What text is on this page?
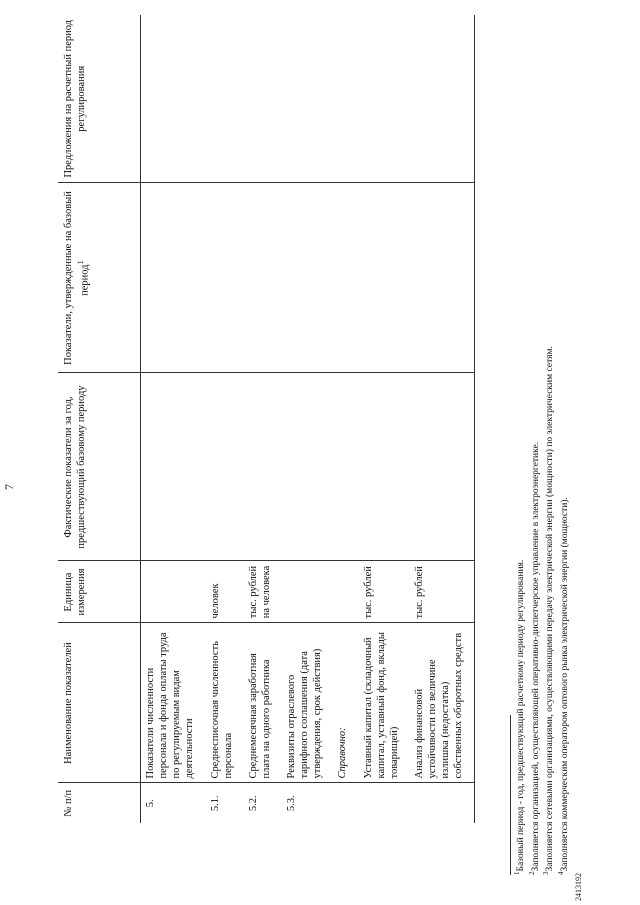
7
№ п/п	Наименование показателей	Единица измерения	Фактические показатели за год, предшествующий базовому периоду	Показатели, утвержденные на базовый период$^1$	Предложения на расчетный период регулирования
5.	Показатели численности персонала и фонда оплаты труда по регулируемым видам деятельности				
5.1.	Среднесписочная численность персонала	человек			
5.2.	Среднемесячная заработная плата на одного работника	тыс. рублей на человека			
5.3.	Реквизиты отраслевого тарифного соглашения (дата утверждения, срок действия)				
	Справочно:				
	Уставный капитал (складочный капитал, уставный фонд, вклады товарищей)	тыс. рублей			
	Анализ финансовой устойчивости по величине излишка (недостатка) собственных оборотных средств	тыс. рублей			
$^1$Базовый период - год, предшествующий расчетному периоду регулирования.
$^2$Заполняется организацией, осуществляющей оперативно-диспетчерское управление в электроэнергетике.
$^3$Заполняется сетевыми организациями, осуществляющими передачу электрической энергии (мощности) по электрическим сетям.
$^4$Заполняется коммерческим оператором оптового рынка электрической энергии (мощности).
2413192
